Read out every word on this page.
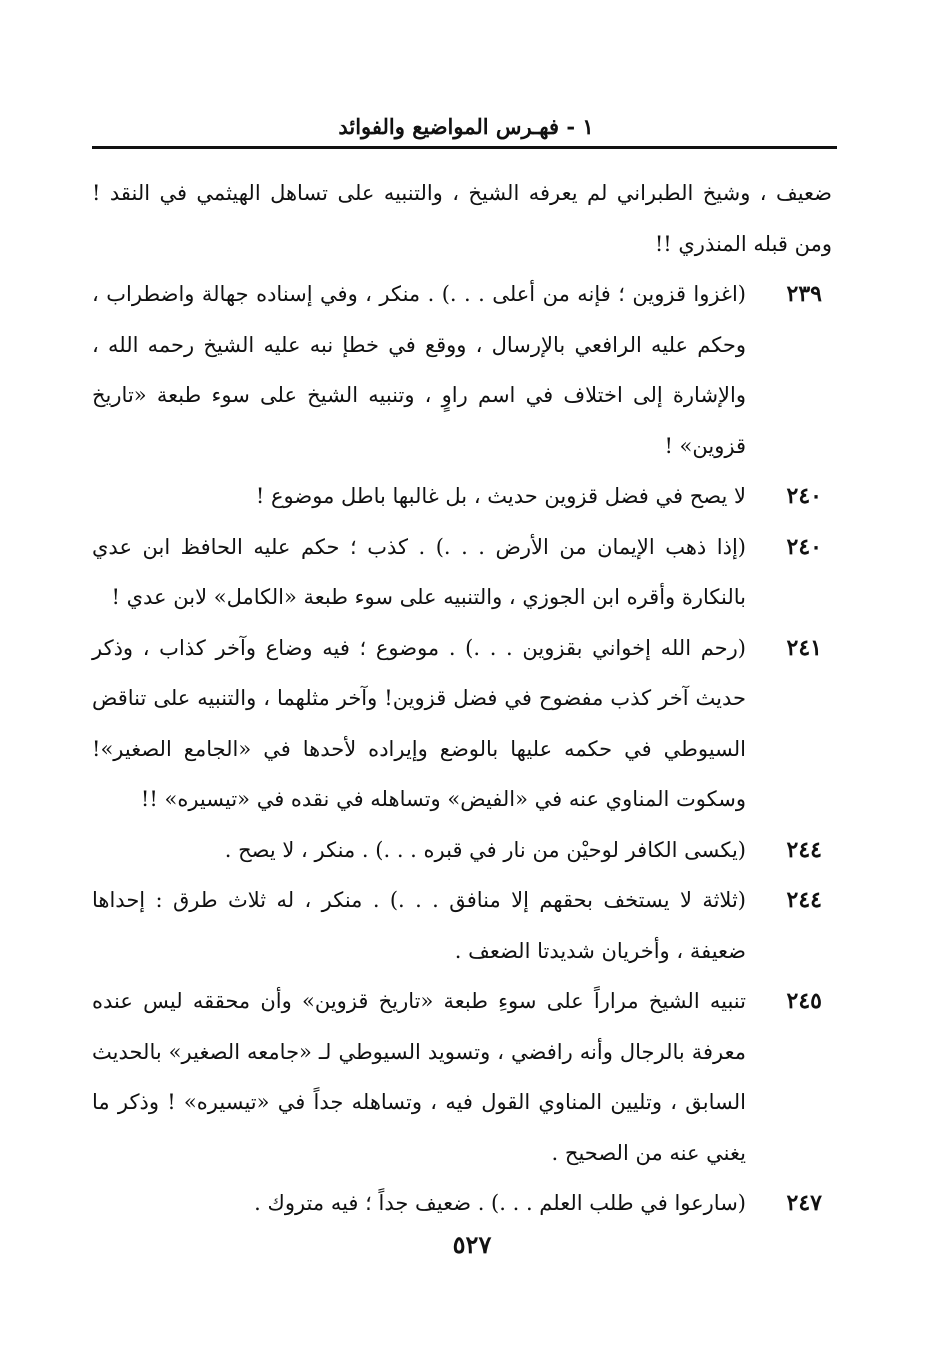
١ - فهـرس المواضيع والفوائد
ضعيف ، وشيخ الطبراني لم يعرفه الشيخ ، والتنبيه على تساهل الهيثمي في النقد ! ومن قبله المنذري !!
٢٣٩
(اغزوا قزوين ؛ فإنه من أعلى . . .) . منكر ، وفي إسناده جهالة واضطراب ، وحكم عليه الرافعي بالإرسال ، ووقع في خطإ نبه عليه الشيخ رحمه الله ، والإشارة إلى اختلاف في اسم راوٍ ، وتنبيه الشيخ على سوء طبعة «تاريخ قزوين» !
٢٤٠
لا يصح في فضل قزوين حديث ، بل غالبها باطل موضوع !
٢٤٠
(إذا ذهب الإيمان من الأرض . . .) . كذب ؛ حكم عليه الحافظ ابن عدي بالنكارة وأقره ابن الجوزي ، والتنبيه على سوء طبعة «الكامل» لابن عدي !
٢٤١
(رحم الله إخواني بقزوين . . .) . موضوع ؛ فيه وضاع وآخر كذاب ، وذكر حديث آخر كذب مفضوح في فضل قزوين! وآخر مثلهما ، والتنبيه على تناقض السيوطي في حكمه عليها بالوضع وإيراده لأحدها في «الجامع الصغير»! وسكوت المناوي عنه في «الفيض» وتساهله في نقده في «تيسيره» !!
٢٤٤
(يكسى الكافر لوحيْن من نار في قبره . . .) . منكر ، لا يصح .
٢٤٤
(ثلاثة لا يستخف بحقهم إلا منافق . . .) . منكر ، له ثلاث طرق : إحداها ضعيفة ، وأخريان شديدتا الضعف .
٢٤٥
تنبيه الشيخ مراراً على سوءِ طبعة «تاريخ قزوين» وأن محققه ليس عنده معرفة بالرجال وأنه رافضي ، وتسويد السيوطي لـ «جامعه الصغير» بالحديث السابق ، وتليين المناوي القول فيه ، وتساهله جداً في «تيسيره» ! وذكر ما يغني عنه من الصحيح .
٢٤٧
(سارعوا في طلب العلم . . .) . ضعيف جداً ؛ فيه متروك .
٥٢٧
